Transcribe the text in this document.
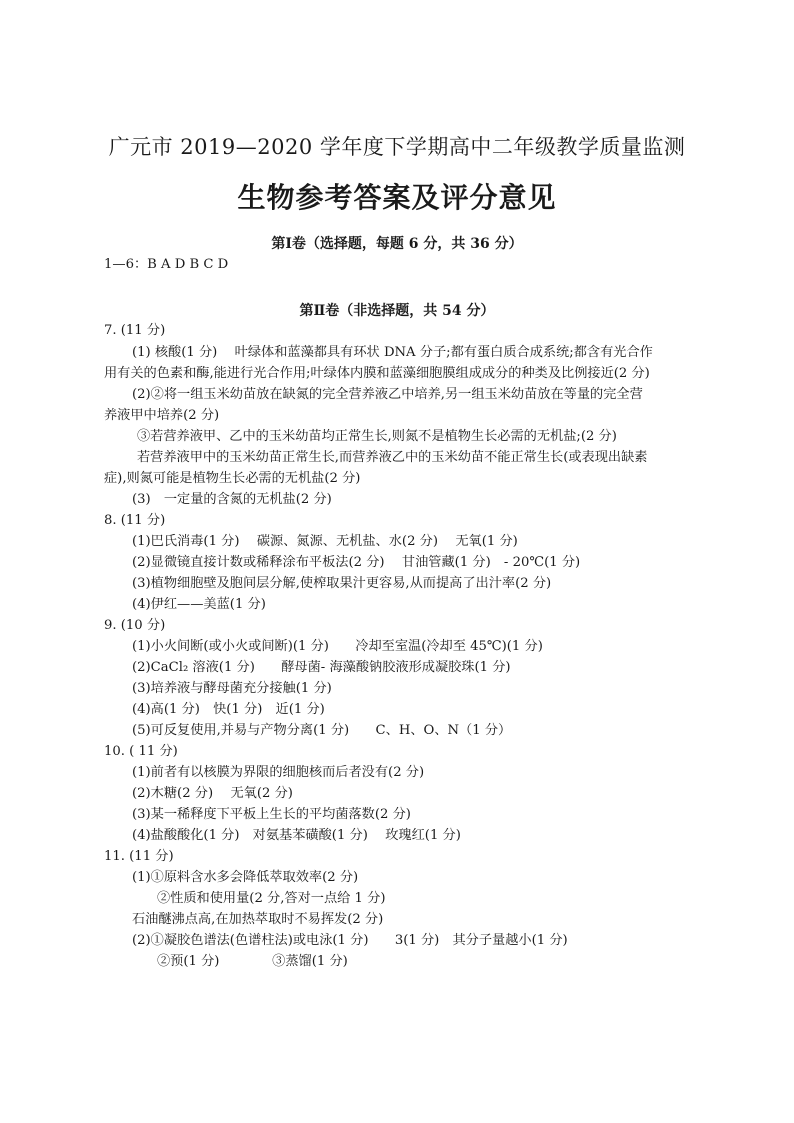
广元市 2019—2020 学年度下学期高中二年级教学质量监测
生物参考答案及评分意见
第Ⅰ卷（选择题，每题 6 分，共 36 分）
1—6：B A D B C D
第Ⅱ卷（非选择题，共 54 分）
7. (11 分)
(1) 核酸(1 分)　 叶绿体和蓝藻都具有环状 DNA 分子;都有蛋白质合成系统;都含有光合作
用有关的色素和酶,能进行光合作用;叶绿体内膜和蓝藻细胞膜组成成分的种类及比例接近(2 分)
(2)②将一组玉米幼苗放在缺氮的完全营养液乙中培养,另一组玉米幼苗放在等量的完全营
养液甲中培养(2 分)
③若营养液甲、乙中的玉米幼苗均正常生长,则氮不是植物生长必需的无机盐;(2 分)
若营养液甲中的玉米幼苗正常生长,而营养液乙中的玉米幼苗不能正常生长(或表现出缺素
症),则氮可能是植物生长必需的无机盐(2 分)
(3)　一定量的含氮的无机盐(2 分)
8. (11 分)
(1)巴氏消毒(1 分)　 碳源、氮源、无机盐、水(2 分)　 无氧(1 分)
(2)显微镜直接计数或稀释涂布平板法(2 分)　 甘油管藏(1 分)　- 20℃(1 分)
(3)植物细胞壁及胞间层分解,使榨取果汁更容易,从而提高了出汁率(2 分)
(4)伊红——美蓝(1 分)
9. (10 分)
(1)小火间断(或小火或间断)(1 分)　　冷却至室温(冷却至 45℃)(1 分)
(2)CaCl₂ 溶液(1 分)　　酵母菌- 海藻酸钠胶液形成凝胶珠(1 分)
(3)培养液与酵母菌充分接触(1 分)
(4)高(1 分)　快(1 分)　近(1 分)
(5)可反复使用,并易与产物分离(1 分)　　C、H、O、N（1 分）
10. ( 11 分)
(1)前者有以核膜为界限的细胞核而后者没有(2 分)
(2)木糖(2 分)　 无氧(2 分)
(3)某一稀释度下平板上生长的平均菌落数(2 分)
(4)盐酸酸化(1 分)　对氨基苯磺酸(1 分)　 玫瑰红(1 分)
11. (11 分)
(1)①原料含水多会降低萃取效率(2 分)
②性质和使用量(2 分,答对一点给 1 分)
石油醚沸点高,在加热萃取时不易挥发(2 分)
(2)①凝胶色谱法(色谱柱法)或电泳(1 分)　　3(1 分)　其分子量越小(1 分)
②预(1 分)　　　　③蒸馏(1 分)
